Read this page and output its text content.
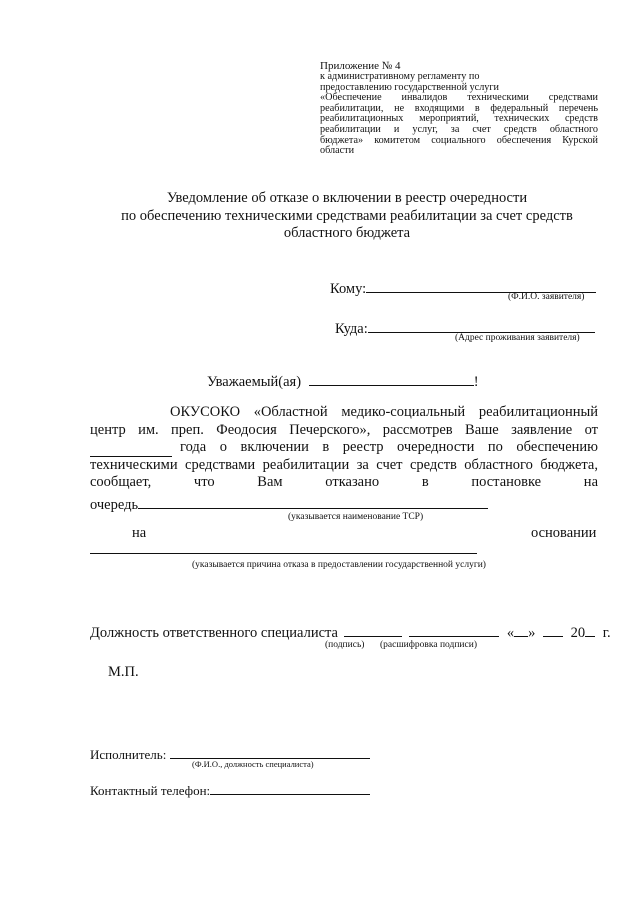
Приложение № 4
к административному регламенту по
предоставлению государственной услуги
«Обеспечение инвалидов техническими средствами
реабилитации, не входящими в федеральный перечень
реабилитационных мероприятий, технических средств
реабилитации и услуг, за счет средств областного
бюджета» комитетом социального обеспечения Курской
области
Уведомление об отказе о включении в реестр очередности
по обеспечению техническими средствами реабилитации за счет средств
областного бюджета
Кому:	(Ф.И.О. заявителя)
Куда:
(Адрес проживания заявителя)
Уважаемый(ая)	!
ОКУСОКО «Областной медико-социальный реабилитационный
центр им. преп. Феодосия Печерского», рассмотрев Ваше заявление от
года о включении в реестр очередности по обеспечению
техническими средствами реабилитации за счет средств областного бюджета,
сообщает, что Вам отказано в постановке на
очередь
(указывается наименование ТСР)
на	основании
(указывается причина отказа в предоставлении государственной услуги)
Должность ответственного специалиста	« » 20 г.
(подпись) (расшифровка подписи)
М.П.
Исполнитель:
(Ф.И.О., должность специалиста)
Контактный телефон:
